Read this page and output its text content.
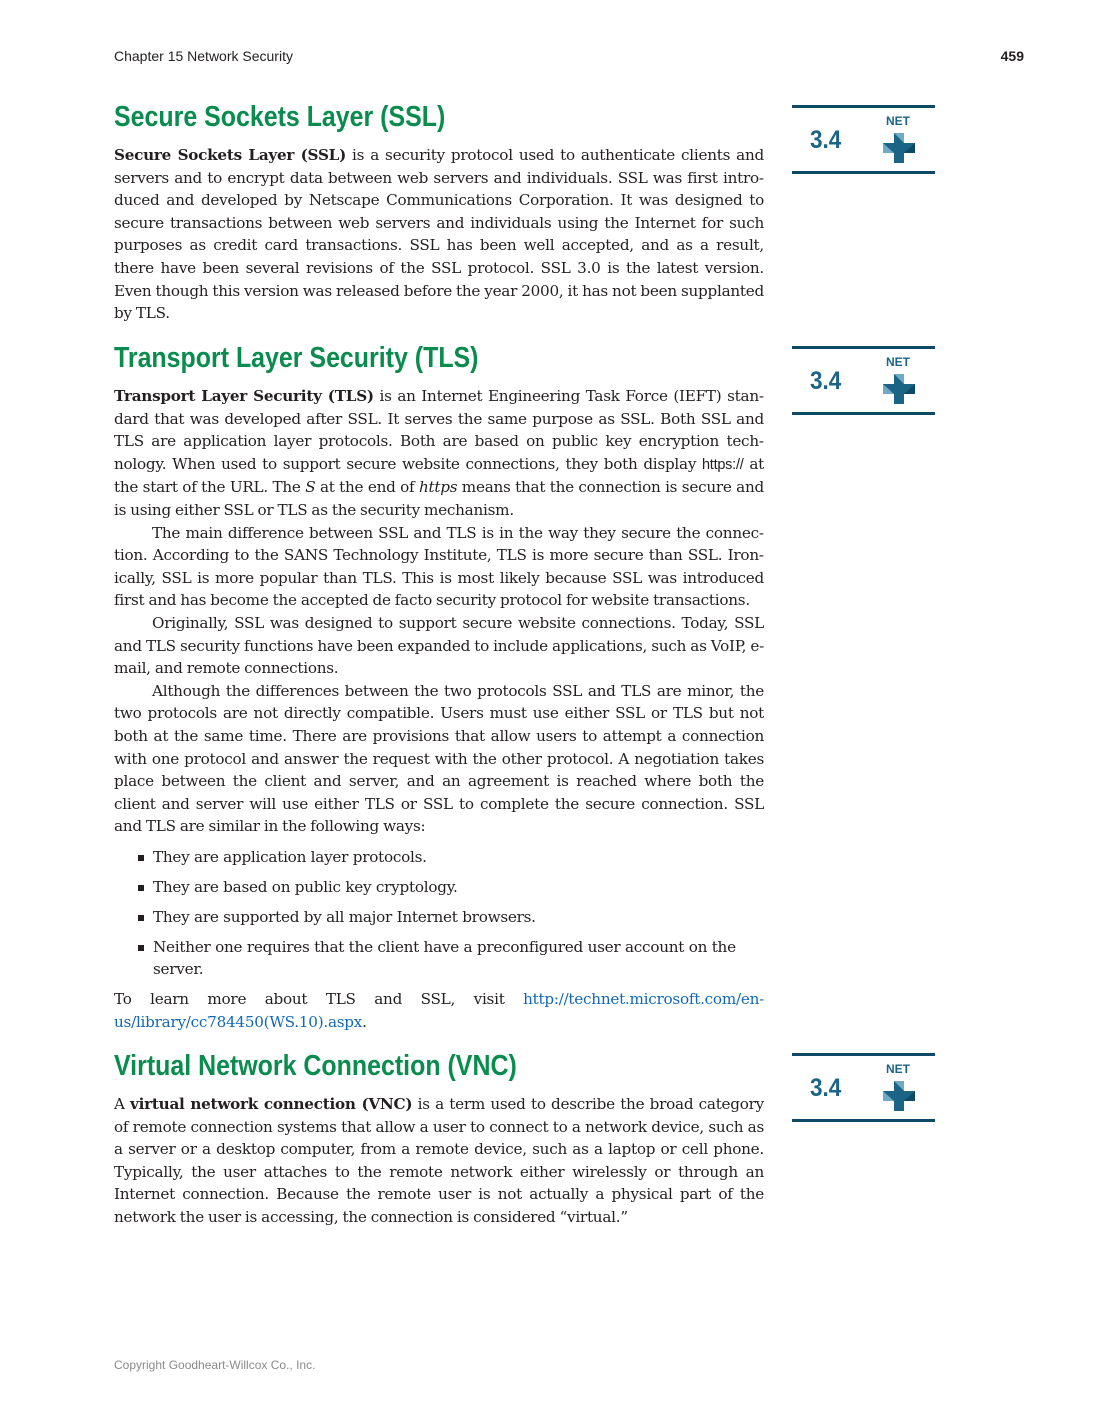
Chapter 15 Network Security	459
Secure Sockets Layer (SSL)

Secure Sockets Layer (SSL) is a security protocol used to authenticate clients and servers and to encrypt data between web servers and individuals. SSL was first introduced and developed by Netscape Communications Corporation. It was designed to secure transactions between web servers and individuals using the Internet for such purposes as credit card transactions. SSL has been well accepted, and as a result, there have been several revisions of the SSL protocol. SSL 3.0 is the latest version. Even though this version was released before the year 2000, it has not been supplanted by TLS.

Transport Layer Security (TLS)

Transport Layer Security (TLS) is an Internet Engineering Task Force (IEFT) standard that was developed after SSL. It serves the same purpose as SSL. Both SSL and TLS are application layer protocols. Both are based on public key encryption technology. When used to support secure website connections, they both display https:// at the start of the URL. The S at the end of https means that the connection is secure and is using either SSL or TLS as the security mechanism.

The main difference between SSL and TLS is in the way they secure the connection. According to the SANS Technology Institute, TLS is more secure than SSL. Ironically, SSL is more popular than TLS. This is most likely because SSL was introduced first and has become the accepted de facto security protocol for website transactions.

Originally, SSL was designed to support secure website connections. Today, SSL and TLS security functions have been expanded to include applications, such as VoIP, e-mail, and remote connections.

Although the differences between the two protocols SSL and TLS are minor, the two protocols are not directly compatible. Users must use either SSL or TLS but not both at the same time. There are provisions that allow users to attempt a connection with one protocol and answer the request with the other protocol. A negotiation takes place between the client and server, and an agreement is reached where both the client and server will use either TLS or SSL to complete the secure connection. SSL and TLS are similar in the following ways:

They are application layer protocols.
They are based on public key cryptology.
They are supported by all major Internet browsers.
Neither one requires that the client have a preconfigured user account on the server.

To learn more about TLS and SSL, visit http://technet.microsoft.com/en-us/library/cc784450(WS.10).aspx.

Virtual Network Connection (VNC)

A virtual network connection (VNC) is a term used to describe the broad category of remote connection systems that allow a user to connect to a network device, such as a server or a desktop computer, from a remote device, such as a laptop or cell phone. Typically, the user attaches to the remote network either wirelessly or through an Internet connection. Because the remote user is not actually a physical part of the network the user is accessing, the connection is considered “virtual.”

3.4
NET
3.4
NET
3.4
NET
Copyright Goodheart-Willcox Co., Inc.
